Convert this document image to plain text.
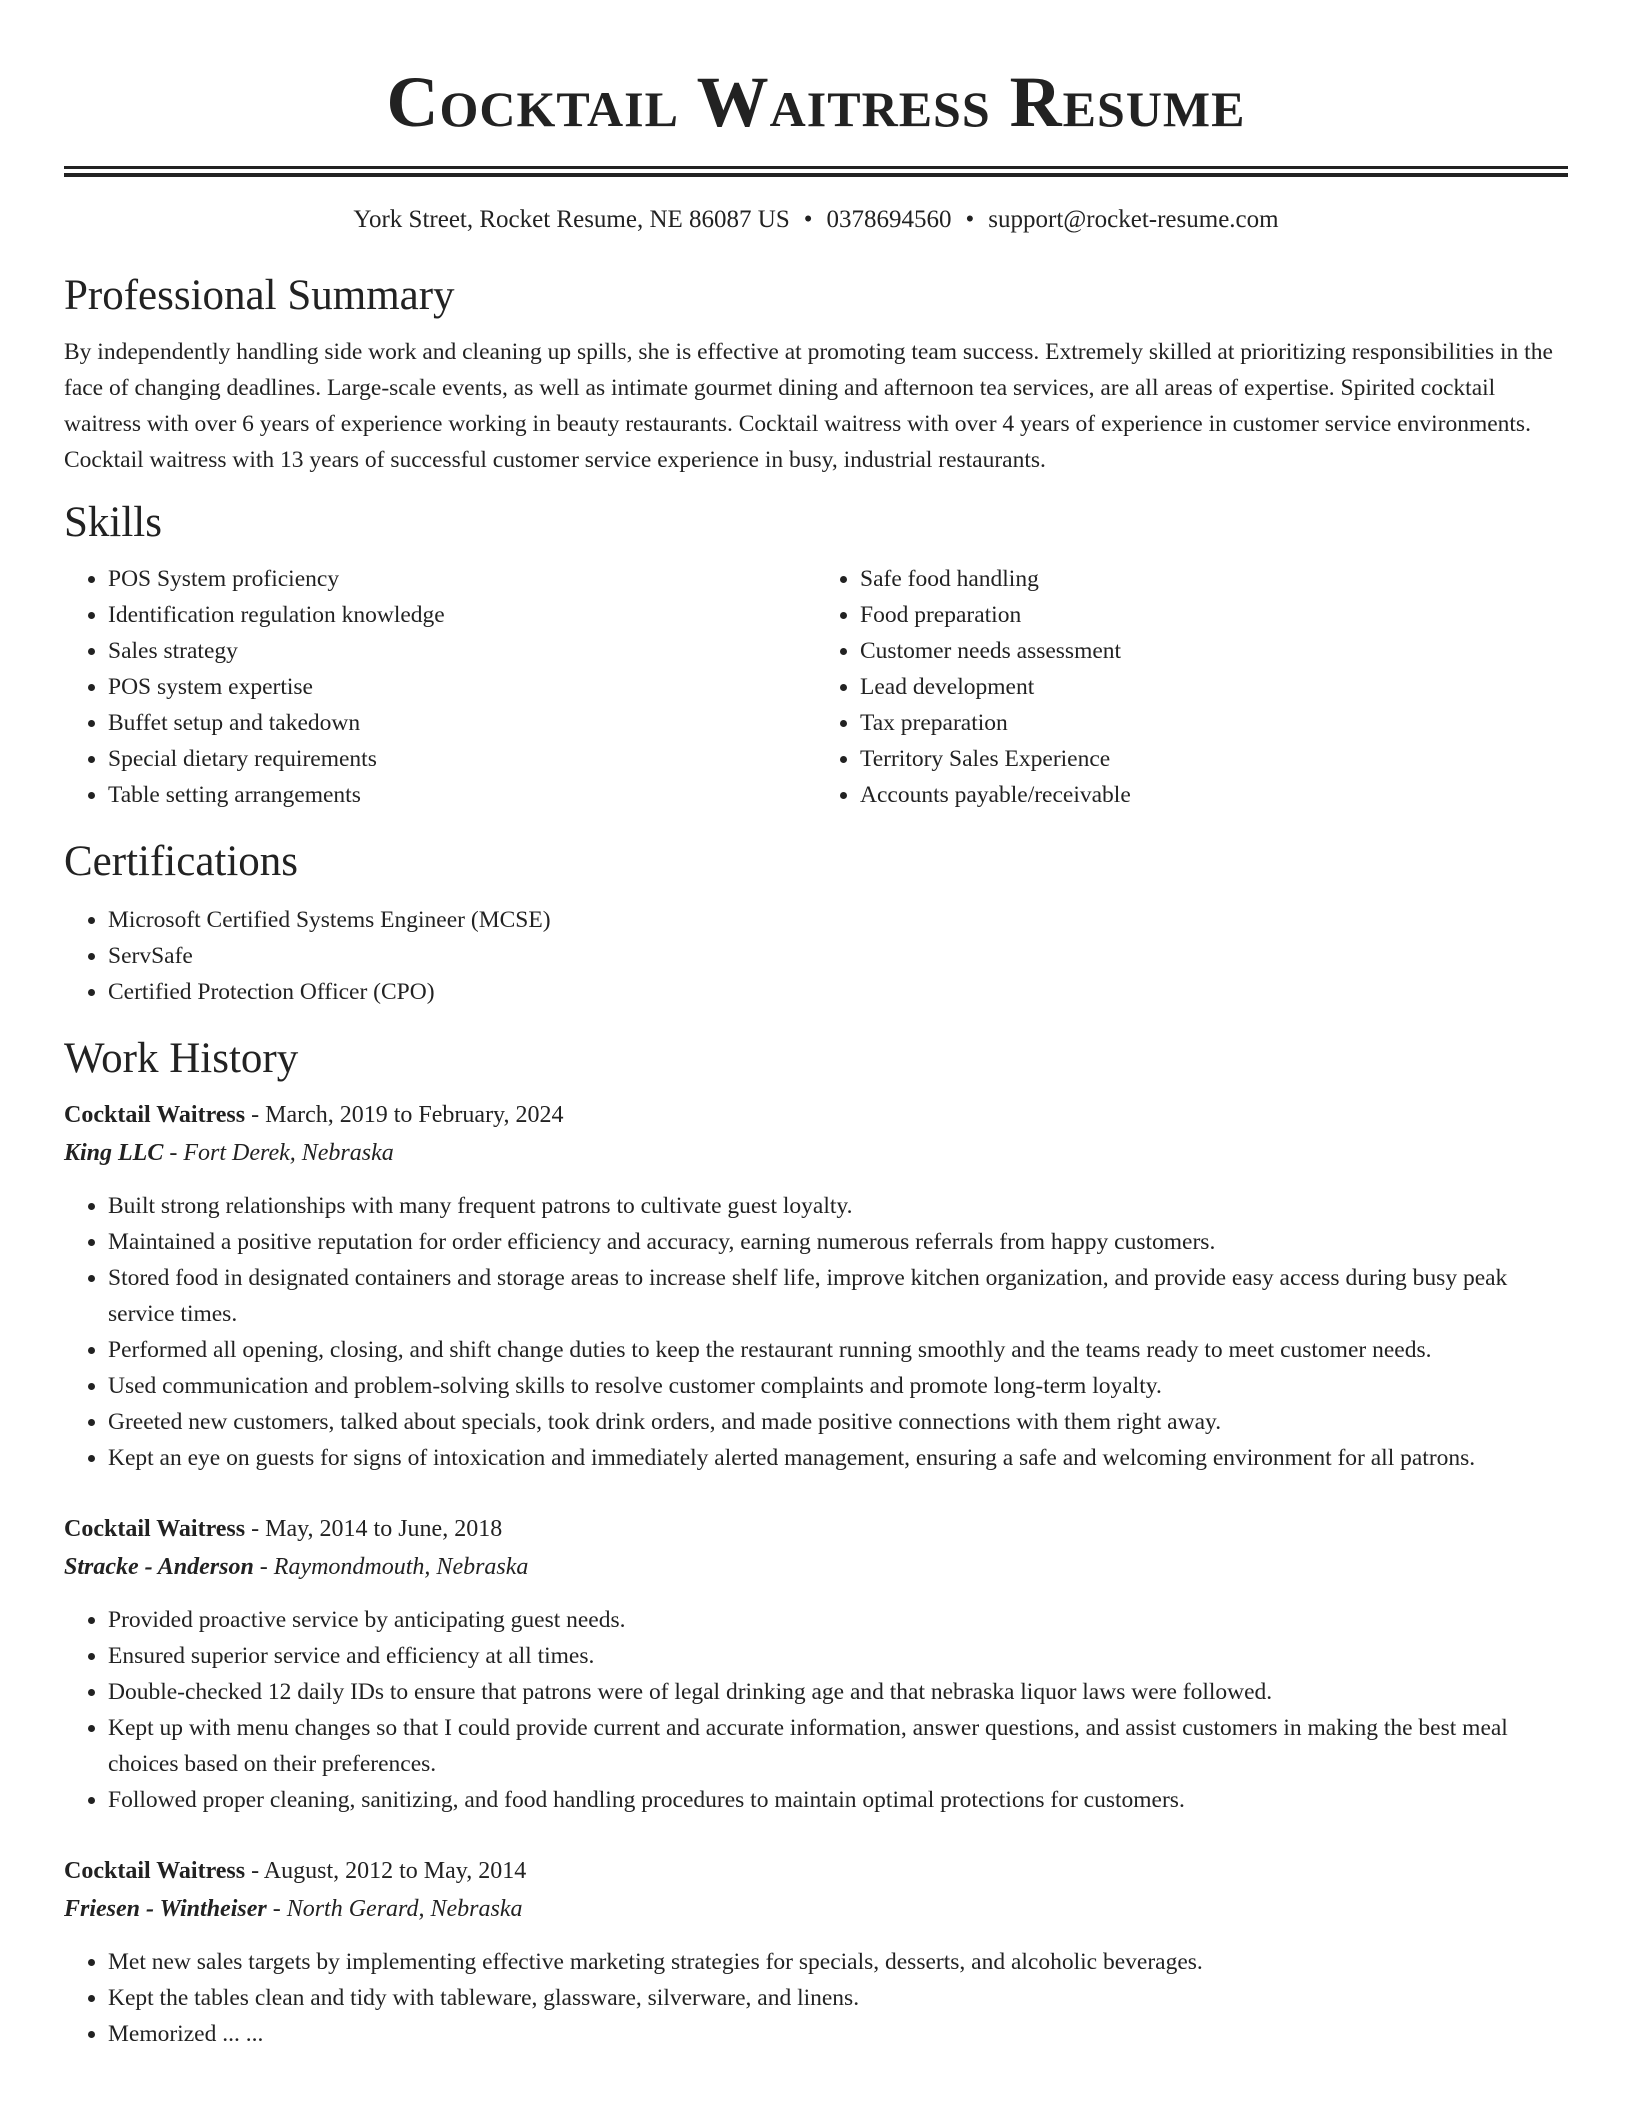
Cocktail Waitress Resume
York Street, Rocket Resume, NE 86087 US • 0378694560 • support@rocket-resume.com
Professional Summary

By independently handling side work and cleaning up spills, she is effective at promoting team success. Extremely skilled at prioritizing responsibilities in the face of changing deadlines. Large-scale events, as well as intimate gourmet dining and afternoon tea services, are all areas of expertise. Spirited cocktail waitress with over 6 years of experience working in beauty restaurants. Cocktail waitress with over 4 years of experience in customer service environments. Cocktail waitress with 13 years of successful customer service experience in busy, industrial restaurants.

Skills
• POS System proficiency
• Identification regulation knowledge
• Sales strategy
• POS system expertise
• Buffet setup and takedown
• Special dietary requirements
• Table setting arrangements
• Safe food handling
• Food preparation
• Customer needs assessment
• Lead development
• Tax preparation
• Territory Sales Experience
• Accounts payable/receivable
Certifications
• Microsoft Certified Systems Engineer (MCSE)
• ServSafe
• Certified Protection Officer (CPO)
Work History
Cocktail Waitress - March, 2019 to February, 2024
King LLC - Fort Derek, Nebraska
• Built strong relationships with many frequent patrons to cultivate guest loyalty.
• Maintained a positive reputation for order efficiency and accuracy, earning numerous referrals from happy customers.
• Stored food in designated containers and storage areas to increase shelf life, improve kitchen organization, and provide easy access during busy peak service times.
• Performed all opening, closing, and shift change duties to keep the restaurant running smoothly and the teams ready to meet customer needs.
• Used communication and problem-solving skills to resolve customer complaints and promote long-term loyalty.
• Greeted new customers, talked about specials, took drink orders, and made positive connections with them right away.
• Kept an eye on guests for signs of intoxication and immediately alerted management, ensuring a safe and welcoming environment for all patrons.
Cocktail Waitress - May, 2014 to June, 2018
Stracke - Anderson - Raymondmouth, Nebraska
• Provided proactive service by anticipating guest needs.
• Ensured superior service and efficiency at all times.
• Double-checked 12 daily IDs to ensure that patrons were of legal drinking age and that nebraska liquor laws were followed.
• Kept up with menu changes so that I could provide current and accurate information, answer questions, and assist customers in making the best meal choices based on their preferences.
• Followed proper cleaning, sanitizing, and food handling procedures to maintain optimal protections for customers.
Cocktail Waitress - August, 2012 to May, 2014
Friesen - Wintheiser - North Gerard, Nebraska
• Met new sales targets by implementing effective marketing strategies for specials, desserts, and alcoholic beverages.
• Kept the tables clean and tidy with tableware, glassware, silverware, and linens.
• Memorized ... ...
